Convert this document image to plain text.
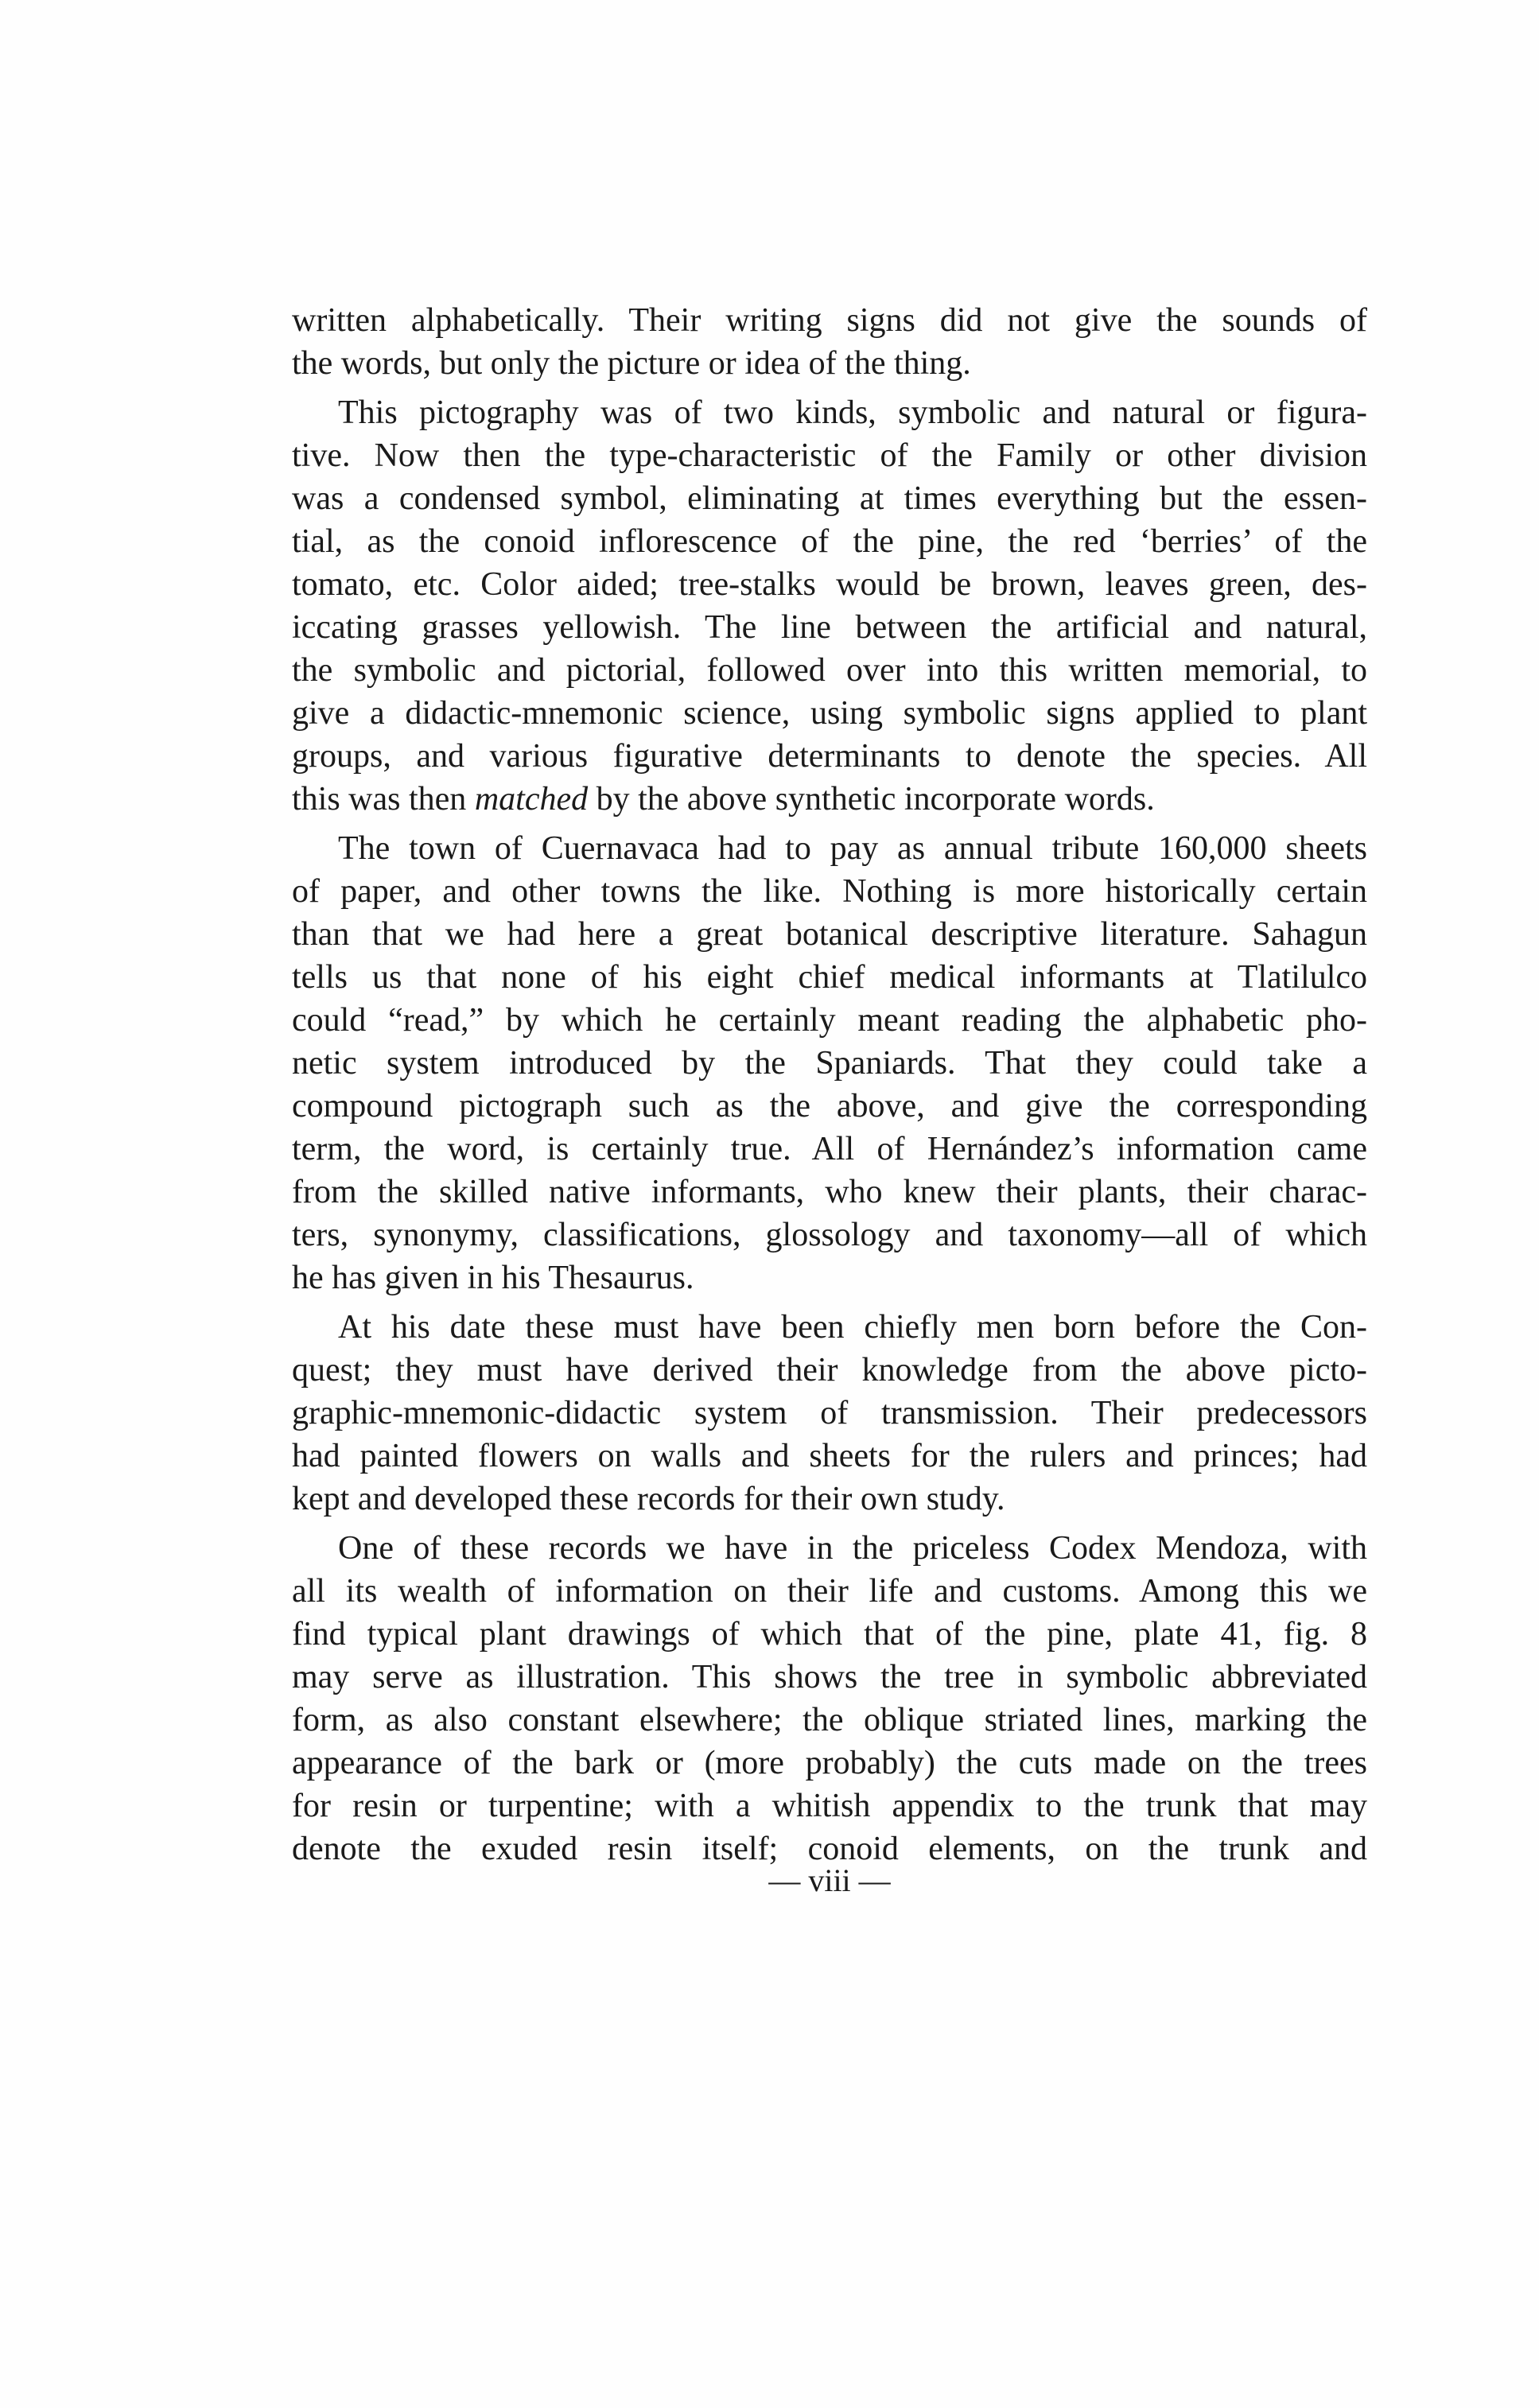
written alphabetically. Their writing signs did not give the sounds of
the words, but only the picture or idea of the thing.
This pictography was of two kinds, symbolic and natural or figura-
tive. Now then the type-characteristic of the Family or other division
was a condensed symbol, eliminating at times everything but the essen-
tial, as the conoid inflorescence of the pine, the red ‘berries’ of the
tomato, etc. Color aided; tree-stalks would be brown, leaves green, des-
iccating grasses yellowish. The line between the artificial and natural,
the symbolic and pictorial, followed over into this written memorial, to
give a didactic-mnemonic science, using symbolic signs applied to plant
groups, and various figurative determinants to denote the species. All
this was then matched by the above synthetic incorporate words.
The town of Cuernavaca had to pay as annual tribute 160,000 sheets
of paper, and other towns the like. Nothing is more historically certain
than that we had here a great botanical descriptive literature. Sahagun
tells us that none of his eight chief medical informants at Tlatilulco
could “read,” by which he certainly meant reading the alphabetic pho-
netic system introduced by the Spaniards. That they could take a
compound pictograph such as the above, and give the corresponding
term, the word, is certainly true. All of Hernández’s information came
from the skilled native informants, who knew their plants, their charac-
ters, synonymy, classifications, glossology and taxonomy—all of which
he has given in his Thesaurus.
At his date these must have been chiefly men born before the Con-
quest; they must have derived their knowledge from the above picto-
graphic-mnemonic-didactic system of transmission. Their predecessors
had painted flowers on walls and sheets for the rulers and princes; had
kept and developed these records for their own study.
One of these records we have in the priceless Codex Mendoza, with
all its wealth of information on their life and customs. Among this we
find typical plant drawings of which that of the pine, plate 41, fig. 8
may serve as illustration. This shows the tree in symbolic abbreviated
form, as also constant elsewhere; the oblique striated lines, marking the
appearance of the bark or (more probably) the cuts made on the trees
for resin or turpentine; with a whitish appendix to the trunk that may
denote the exuded resin itself; conoid elements, on the trunk and
— viii —
